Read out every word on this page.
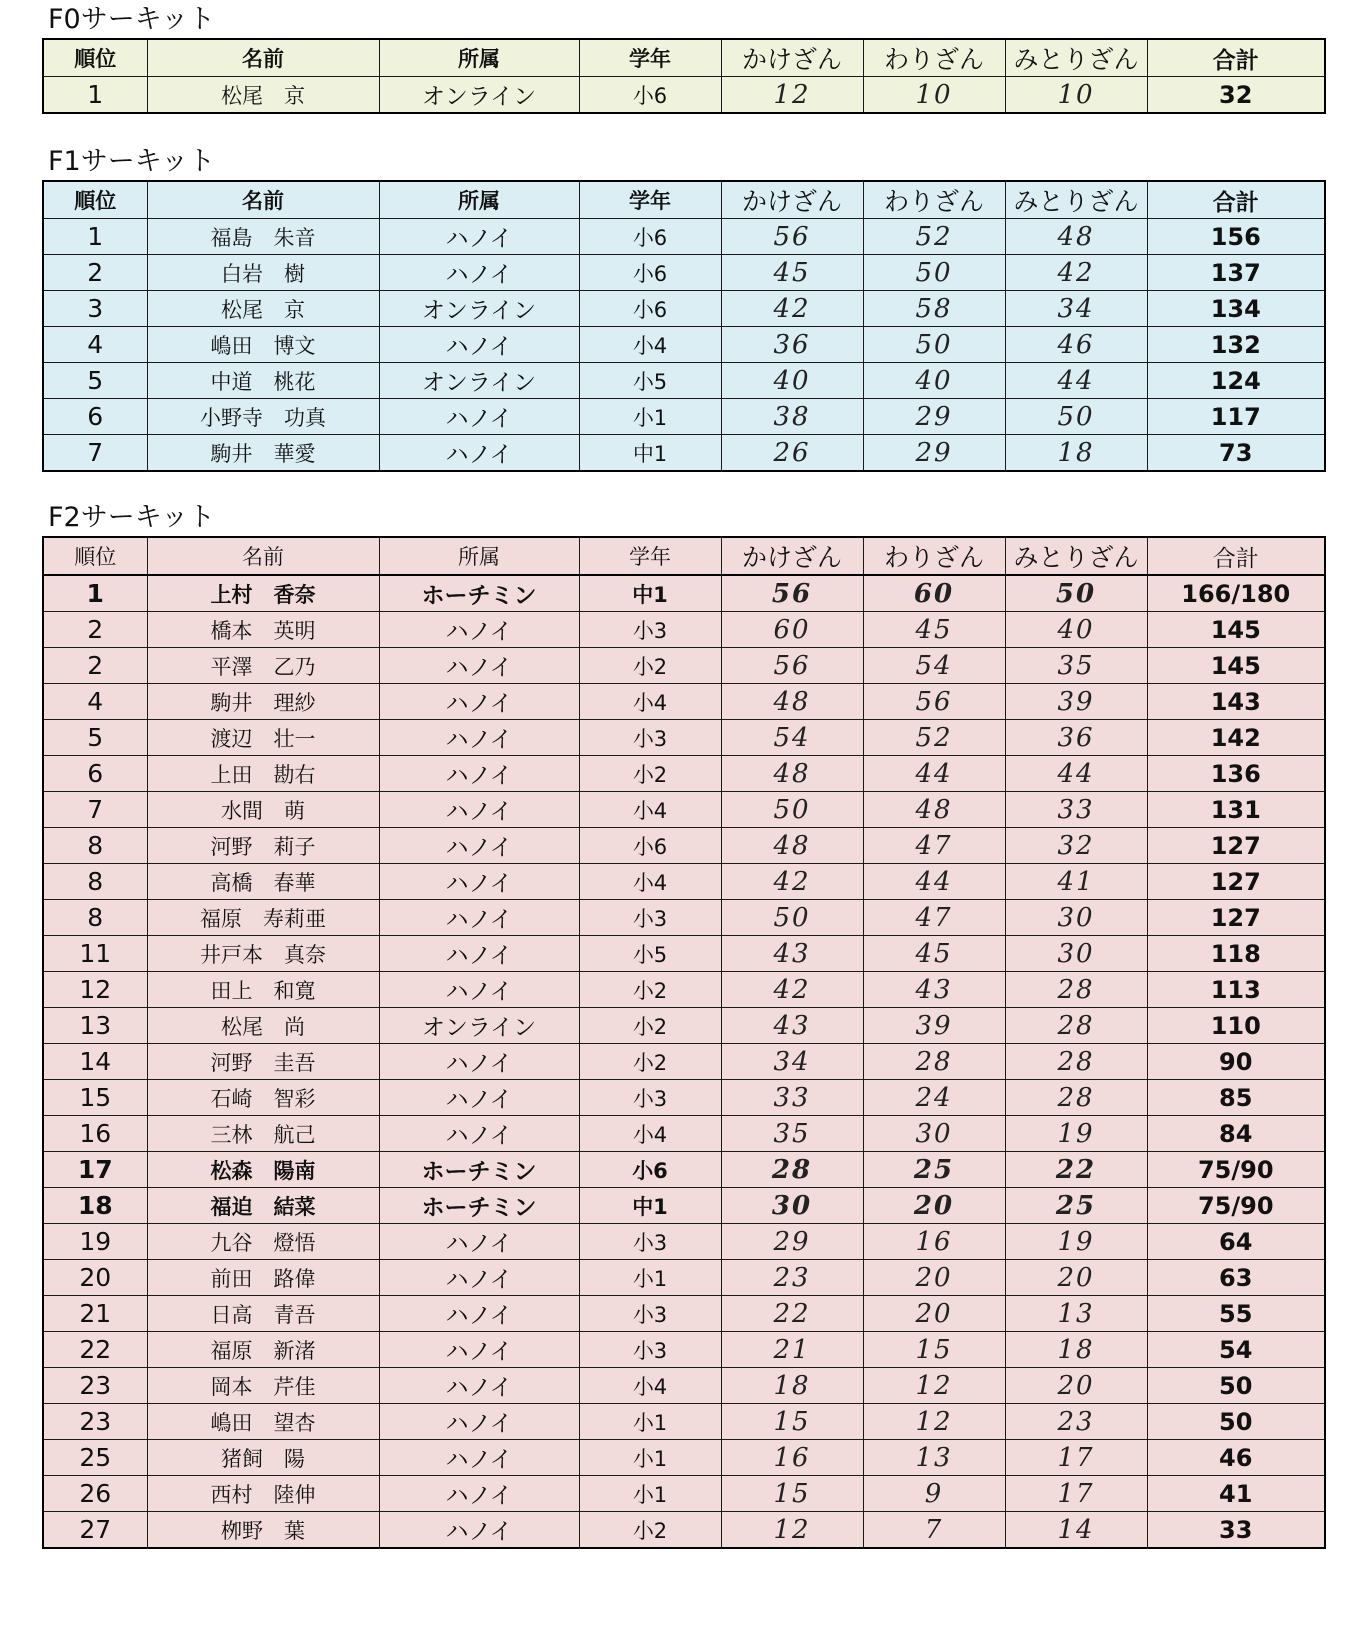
F0サーキット
順位	名前	所属	学年	かけざん	わりざん	みとりざん	合計
1	松尾　京	オンライン	小6	12	10	10	32
F1サーキット
順位	名前	所属	学年	かけざん	わりざん	みとりざん	合計
1	福島　朱音	ハノイ	小6	56	52	48	156
2	白岩　樹	ハノイ	小6	45	50	42	137
3	松尾　京	オンライン	小6	42	58	34	134
4	嶋田　博文	ハノイ	小4	36	50	46	132
5	中道　桃花	オンライン	小5	40	40	44	124
6	小野寺　功真	ハノイ	小1	38	29	50	117
7	駒井　華愛	ハノイ	中1	26	29	18	73
F2サーキット
順位	名前	所属	学年	かけざん	わりざん	みとりざん	合計
1	上村　香奈	ホーチミン	中1	56	60	50	166/180
2	橋本　英明	ハノイ	小3	60	45	40	145
2	平澤　乙乃	ハノイ	小2	56	54	35	145
4	駒井　理紗	ハノイ	小4	48	56	39	143
5	渡辺　壮一	ハノイ	小3	54	52	36	142
6	上田　勘右	ハノイ	小2	48	44	44	136
7	水間　萌	ハノイ	小4	50	48	33	131
8	河野　莉子	ハノイ	小6	48	47	32	127
8	高橋　春華	ハノイ	小4	42	44	41	127
8	福原　寿莉亜	ハノイ	小3	50	47	30	127
11	井戸本　真奈	ハノイ	小5	43	45	30	118
12	田上　和寛	ハノイ	小2	42	43	28	113
13	松尾　尚	オンライン	小2	43	39	28	110
14	河野　圭吾	ハノイ	小2	34	28	28	90
15	石崎　智彩	ハノイ	小3	33	24	28	85
16	三林　航己	ハノイ	小4	35	30	19	84
17	松森　陽南	ホーチミン	小6	28	25	22	75/90
18	福迫　結菜	ホーチミン	中1	30	20	25	75/90
19	九谷　燈悟	ハノイ	小3	29	16	19	64
20	前田　路偉	ハノイ	小1	23	20	20	63
21	日高　青吾	ハノイ	小3	22	20	13	55
22	福原　新渚	ハノイ	小3	21	15	18	54
23	岡本　芹佳	ハノイ	小4	18	12	20	50
23	嶋田　望杏	ハノイ	小1	15	12	23	50
25	猪飼　陽	ハノイ	小1	16	13	17	46
26	西村　陸伸	ハノイ	小1	15	9	17	41
27	栁野　葉	ハノイ	小2	12	7	14	33
